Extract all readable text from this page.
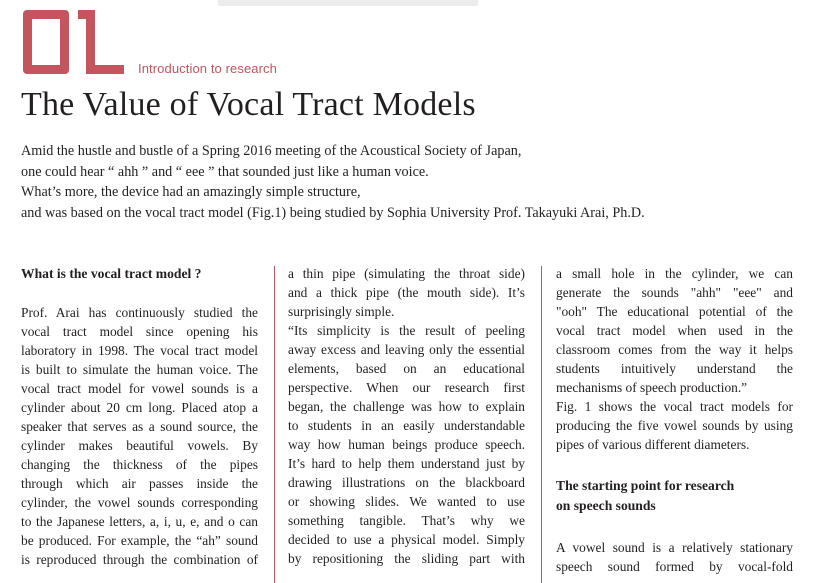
Introduction to research
The Value of Vocal Tract Models

Amid the hustle and bustle of a Spring 2016 meeting of the Acoustical Society of Japan,

one could hear “ ahh ” and “ eee ” that sounded just like a human voice.

What’s more, the device had an amazingly simple structure,

and was based on the vocal tract model (Fig.1) being studied by Sophia University Prof. Takayuki Arai, Ph.D.

What is the vocal tract model ?
Prof. Arai has continuously studied the
vocal tract model since opening his
laboratory in 1998. The vocal tract model
is built to simulate the human voice. The
vocal tract model for vowel sounds is a
cylinder about 20 cm long. Placed atop a
speaker that serves as a sound source, the
cylinder makes beautiful vowels. By
changing the thickness of the pipes
through which air passes inside the
cylinder, the vowel sounds corresponding
to the Japanese letters, a, i, u, e, and o can
be produced. For example, the “ah” sound
is reproduced through the combination of
a thin pipe (simulating the throat side)
and a thick pipe (the mouth side). It’s
surprisingly simple.
“Its simplicity is the result of peeling
away excess and leaving only the essential
elements, based on an educational
perspective. When our research first
began, the challenge was how to explain
to students in an easily understandable
way how human beings produce speech.
It’s hard to help them understand just by
drawing illustrations on the blackboard
or showing slides. We wanted to use
something tangible. That’s why we
decided to use a physical model. Simply
by repositioning the sliding part with
a small hole in the cylinder, we can
generate the sounds "ahh" "eee" and
"ooh" The educational potential of the
vocal tract model when used in the
classroom comes from the way it helps
students intuitively understand the
mechanisms of speech production.”
Fig. 1 shows the vocal tract models for
producing the five vowel sounds by using
pipes of various different diameters.
The starting point for research
on speech sounds
A vowel sound is a relatively stationary
speech sound formed by vocal-fold
